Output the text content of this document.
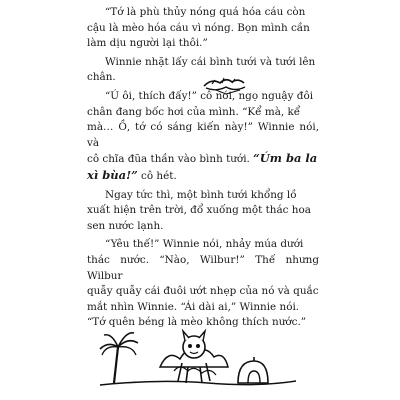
“Tớ là phù thủy nóng quá hóa cáu còn
cậu là mèo hóa cáu vì nóng. Bọn mình cần
làm dịu người lại thôi.”

Winnie nhặt lấy cái bình tưới và tưới lên
chân.

“Ú ôi, thích đấy!” cô nói, ngọ nguậy đôi
chân đang bốc hơi của mình. “Kể mà, kể
mà… Ồ, tớ có sáng kiến này!” Winnie nói, và
cô chĩa đũa thần vào bình tưới. “Úm ba la
xì bùa!” cô hét.

Ngay tức thì, một bình tưới khổng lồ
xuất hiện trên trời, đổ xuống một thác hoa
sen nước lạnh.

“Yêu thế!” Winnie nói, nhảy múa dưới
thác nước. “Nào, Wilbur!” Thế nhưng Wilbur
quẫy quẫy cái đuôi ướt nhẹp của nó và quắc
mắt nhìn Winnie. “Ái dài ai,” Winnie nói.
“Tớ quên béng là mèo không thích nước.”
